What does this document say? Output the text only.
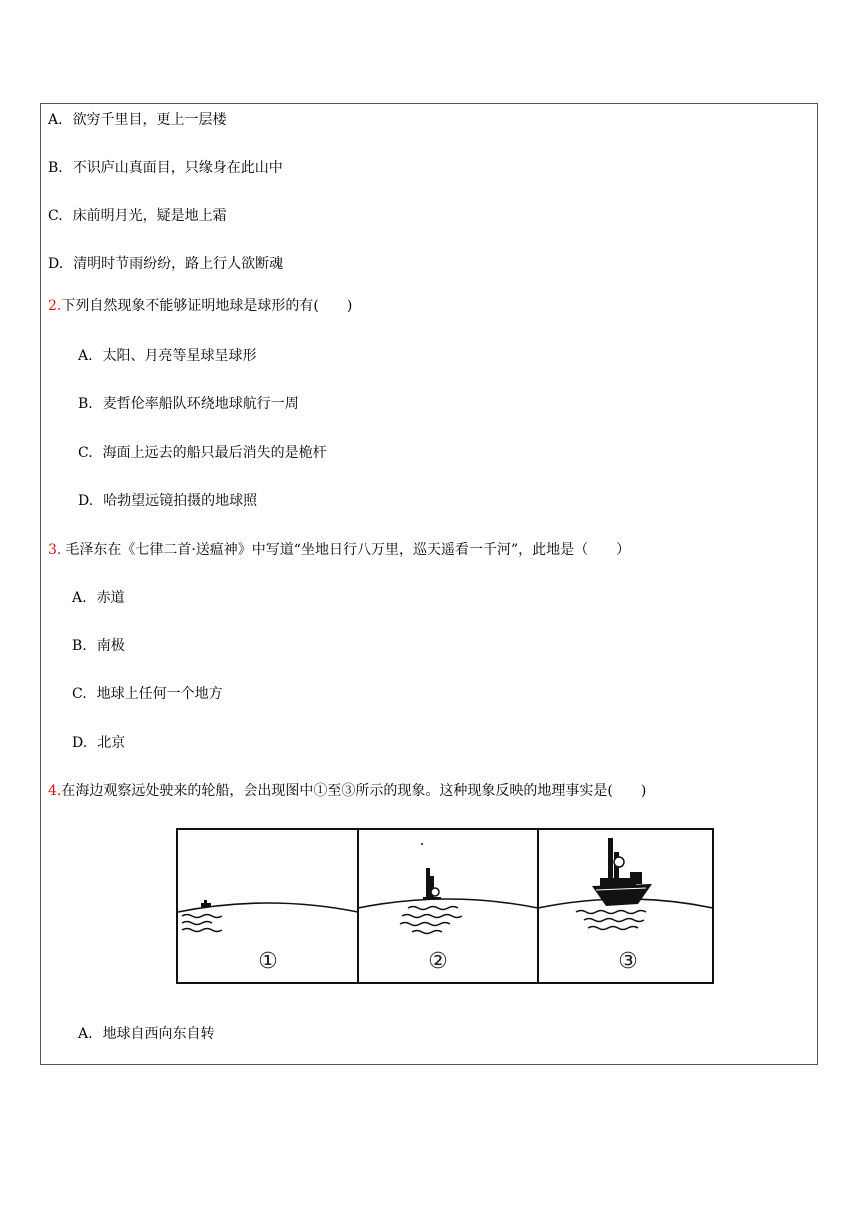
A. 欲穷千里目，更上一层楼
B. 不识庐山真面目，只缘身在此山中
C. 床前明月光，疑是地上霜
D. 清明时节雨纷纷，路上行人欲断魂
2.下列自然现象不能够证明地球是球形的有(　　)
A. 太阳、月亮等星球呈球形
B. 麦哲伦率船队环绕地球航行一周
C. 海面上远去的船只最后消失的是桅杆
D. 哈勃望远镜拍摄的地球照
3. 毛泽东在《七律二首·送瘟神》中写道“坐地日行八万里，巡天遥看一千河”，此地是（　　）
A. 赤道
B. 南极
C. 地球上任何一个地方
D. 北京
4.在海边观察远处驶来的轮船，会出现图中①至③所示的现象。这种现象反映的地理事实是(　　)
①	②	③
A. 地球自西向东自转
